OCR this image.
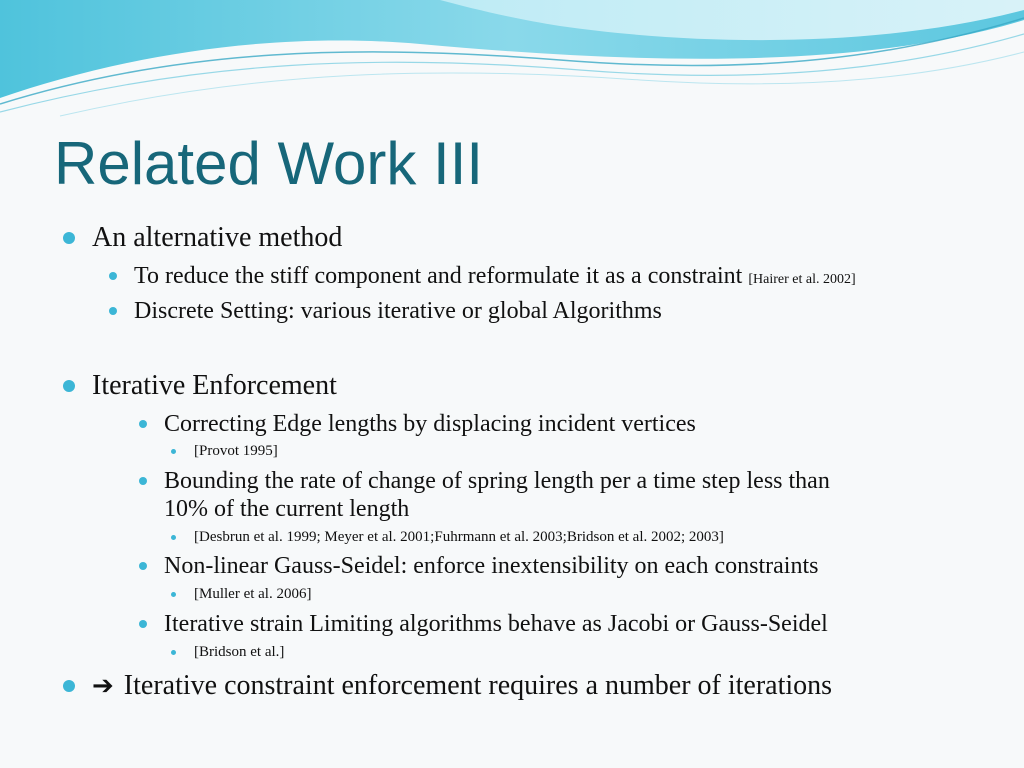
Related Work III
An alternative method
To reduce the stiff component and reformulate it as a constraint [Hairer et al. 2002]
Discrete Setting: various iterative or global Algorithms
Iterative Enforcement
Correcting Edge lengths by displacing incident vertices
[Provot 1995]
Bounding the rate of change of spring length per a time step less than
10% of the current length
[Desbrun et al. 1999; Meyer et al. 2001;Fuhrmann et al. 2003;Bridson et al. 2002; 2003]
Non-linear Gauss-Seidel: enforce inextensibility on each constraints
[Muller et al. 2006]
Iterative strain Limiting algorithms behave as Jacobi or Gauss-Seidel
[Bridson et al.]
➔ Iterative constraint enforcement requires a number of iterations
